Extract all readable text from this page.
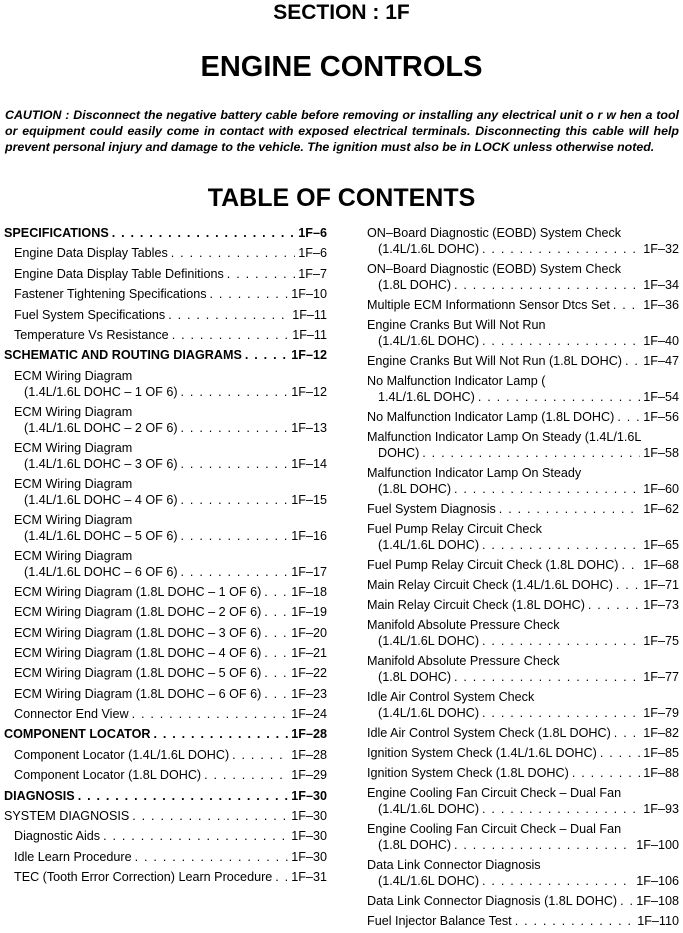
SECTION : 1F
ENGINE CONTROLS
CAUTION : Disconnect the negative battery cable before removing or installing any electrical unit o r w hen a tool or equipment could easily come in contact with exposed electrical terminals. Disconnecting this cable will help prevent personal injury and damage to the vehicle. The ignition must also be in LOCK unless otherwise noted.
TABLE OF CONTENTS
SPECIFICATIONS . . .	1F–6
Engine Data Display Tables . . .	1F–6
Engine Data Display Table Definitions . . .	1F–7
Fastener Tightening Specifications . . .	1F–10
Fuel System Specifications . . .	1F–11
Temperature Vs Resistance . . .	1F–11
SCHEMATIC AND ROUTING DIAGRAMS . . .	1F–12
ECM Wiring Diagram
(1.4L/1.6L DOHC – 1 OF 6) . . .	1F–12
ECM Wiring Diagram
(1.4L/1.6L DOHC – 2 OF 6) . . .	1F–13
ECM Wiring Diagram
(1.4L/1.6L DOHC – 3 OF 6) . . .	1F–14
ECM Wiring Diagram
(1.4L/1.6L DOHC – 4 OF 6) . . .	1F–15
ECM Wiring Diagram
(1.4L/1.6L DOHC – 5 OF 6) . . .	1F–16
ECM Wiring Diagram
(1.4L/1.6L DOHC – 6 OF 6) . . .	1F–17
ECM Wiring Diagram (1.8L DOHC – 1 OF 6) . . . 1F–18
ECM Wiring Diagram (1.8L DOHC – 2 OF 6) . . . 1F–19
ECM Wiring Diagram (1.8L DOHC – 3 OF 6) . . . 1F–20
ECM Wiring Diagram (1.8L DOHC – 4 OF 6) . . . 1F–21
ECM Wiring Diagram (1.8L DOHC – 5 OF 6) . . . 1F–22
ECM Wiring Diagram (1.8L DOHC – 6 OF 6) . . . 1F–23
Connector End View . . .	1F–24
COMPONENT LOCATOR . . .	1F–28
Component Locator (1.4L/1.6L DOHC) . . .	1F–28
Component Locator (1.8L DOHC) . . .	1F–29
DIAGNOSIS . . .	1F–30
SYSTEM DIAGNOSIS . . .	1F–30
Diagnostic Aids . . .	1F–30
Idle Learn Procedure . . .	1F–30
TEC (Tooth Error Correction) Learn Procedure . . . 1F–31
ON–Board Diagnostic (EOBD) System Check
(1.4L/1.6L DOHC) . . .	1F–32
ON–Board Diagnostic (EOBD) System Check
(1.8L DOHC) . . .	1F–34
Multiple ECM Informationn Sensor Dtcs Set . . .	1F–36
Engine Cranks But Will Not Run
(1.4L/1.6L DOHC) . . .	1F–40
Engine Cranks But Will Not Run (1.8L DOHC) . . . 1F–47
No Malfunction Indicator Lamp (
1.4L/1.6L DOHC) . . .	1F–54
No Malfunction Indicator Lamp (1.8L DOHC) . . . 1F–56
Malfunction Indicator Lamp On Steady (1.4L/1.6L
DOHC) . . .	1F–58
Malfunction Indicator Lamp On Steady
(1.8L DOHC) . . .	1F–60
Fuel System Diagnosis . . .	1F–62
Fuel Pump Relay Circuit Check
(1.4L/1.6L DOHC) . . .	1F–65
Fuel Pump Relay Circuit Check (1.8L DOHC) . . . 1F–68
Main Relay Circuit Check (1.4L/1.6L DOHC) . . . 1F–71
Main Relay Circuit Check (1.8L DOHC) . . .	1F–73
Manifold Absolute Pressure Check
(1.4L/1.6L DOHC) . . .	1F–75
Manifold Absolute Pressure Check
(1.8L DOHC) . . .	1F–77
Idle Air Control System Check
(1.4L/1.6L DOHC) . . .	1F–79
Idle Air Control System Check (1.8L DOHC) . . .	1F–82
Ignition System Check (1.4L/1.6L DOHC) . . .	1F–85
Ignition System Check (1.8L DOHC) . . .	1F–88
Engine Cooling Fan Circuit Check – Dual Fan
(1.4L/1.6L DOHC) . . .	1F–93
Engine Cooling Fan Circuit Check – Dual Fan
(1.8L DOHC) . . .	1F–100
Data Link Connector Diagnosis
(1.4L/1.6L DOHC) . . .	1F–106
Data Link Connector Diagnosis (1.8L DOHC) . . . 1F–108
Fuel Injector Balance Test . . .	1F–110
